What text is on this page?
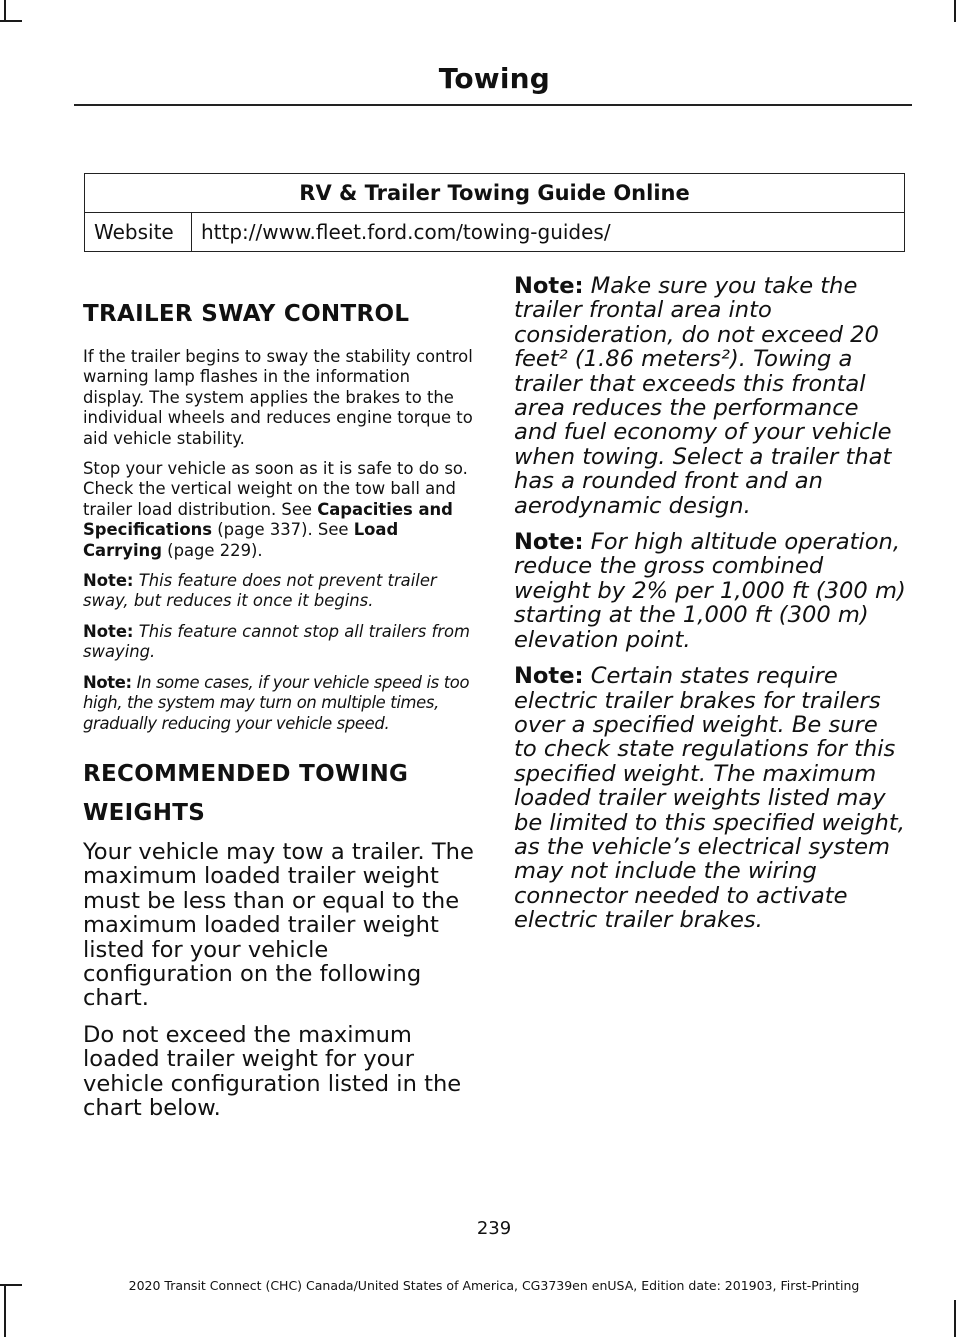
Towing
RV & Trailer Towing Guide Online
Website	http://www.fleet.ford.com/towing-guides/
TRAILER SWAY CONTROL

If the trailer begins to sway the stability control warning lamp flashes in the information display. The system applies the brakes to the individual wheels and reduces engine torque to aid vehicle stability.

Stop your vehicle as soon as it is safe to do so. Check the vertical weight on the tow ball and trailer load distribution. See Capacities and Specifications (page 337). See Load Carrying (page 229).

Note: This feature does not prevent trailer sway, but reduces it once it begins.

Note: This feature cannot stop all trailers from swaying.

Note: In some cases, if your vehicle speed is too high, the system may turn on multiple times, gradually reducing your vehicle speed.

RECOMMENDED TOWING
WEIGHTS

Your vehicle may tow a trailer. The maximum loaded trailer weight must be less than or equal to the maximum loaded trailer weight listed for your vehicle configuration on the following chart.

Do not exceed the maximum loaded trailer weight for your vehicle configuration listed in the chart below.

Note: Make sure you take the trailer frontal area into consideration, do not exceed 20 feet² (1.86 meters²). Towing a trailer that exceeds this frontal area reduces the performance and fuel economy of your vehicle when towing. Select a trailer that has a rounded front and an aerodynamic design.

Note: For high altitude operation, reduce the gross combined weight by 2% per 1,000 ft (300 m) starting at the 1,000 ft (300 m) elevation point.

Note: Certain states require electric trailer brakes for trailers over a specified weight. Be sure to check state regulations for this specified weight. The maximum loaded trailer weights listed may be limited to this specified weight, as the vehicle’s electrical system may not include the wiring connector needed to activate electric trailer brakes.

239
2020 Transit Connect (CHC) Canada/United States of America, CG3739en enUSA, Edition date: 201903, First-Printing
